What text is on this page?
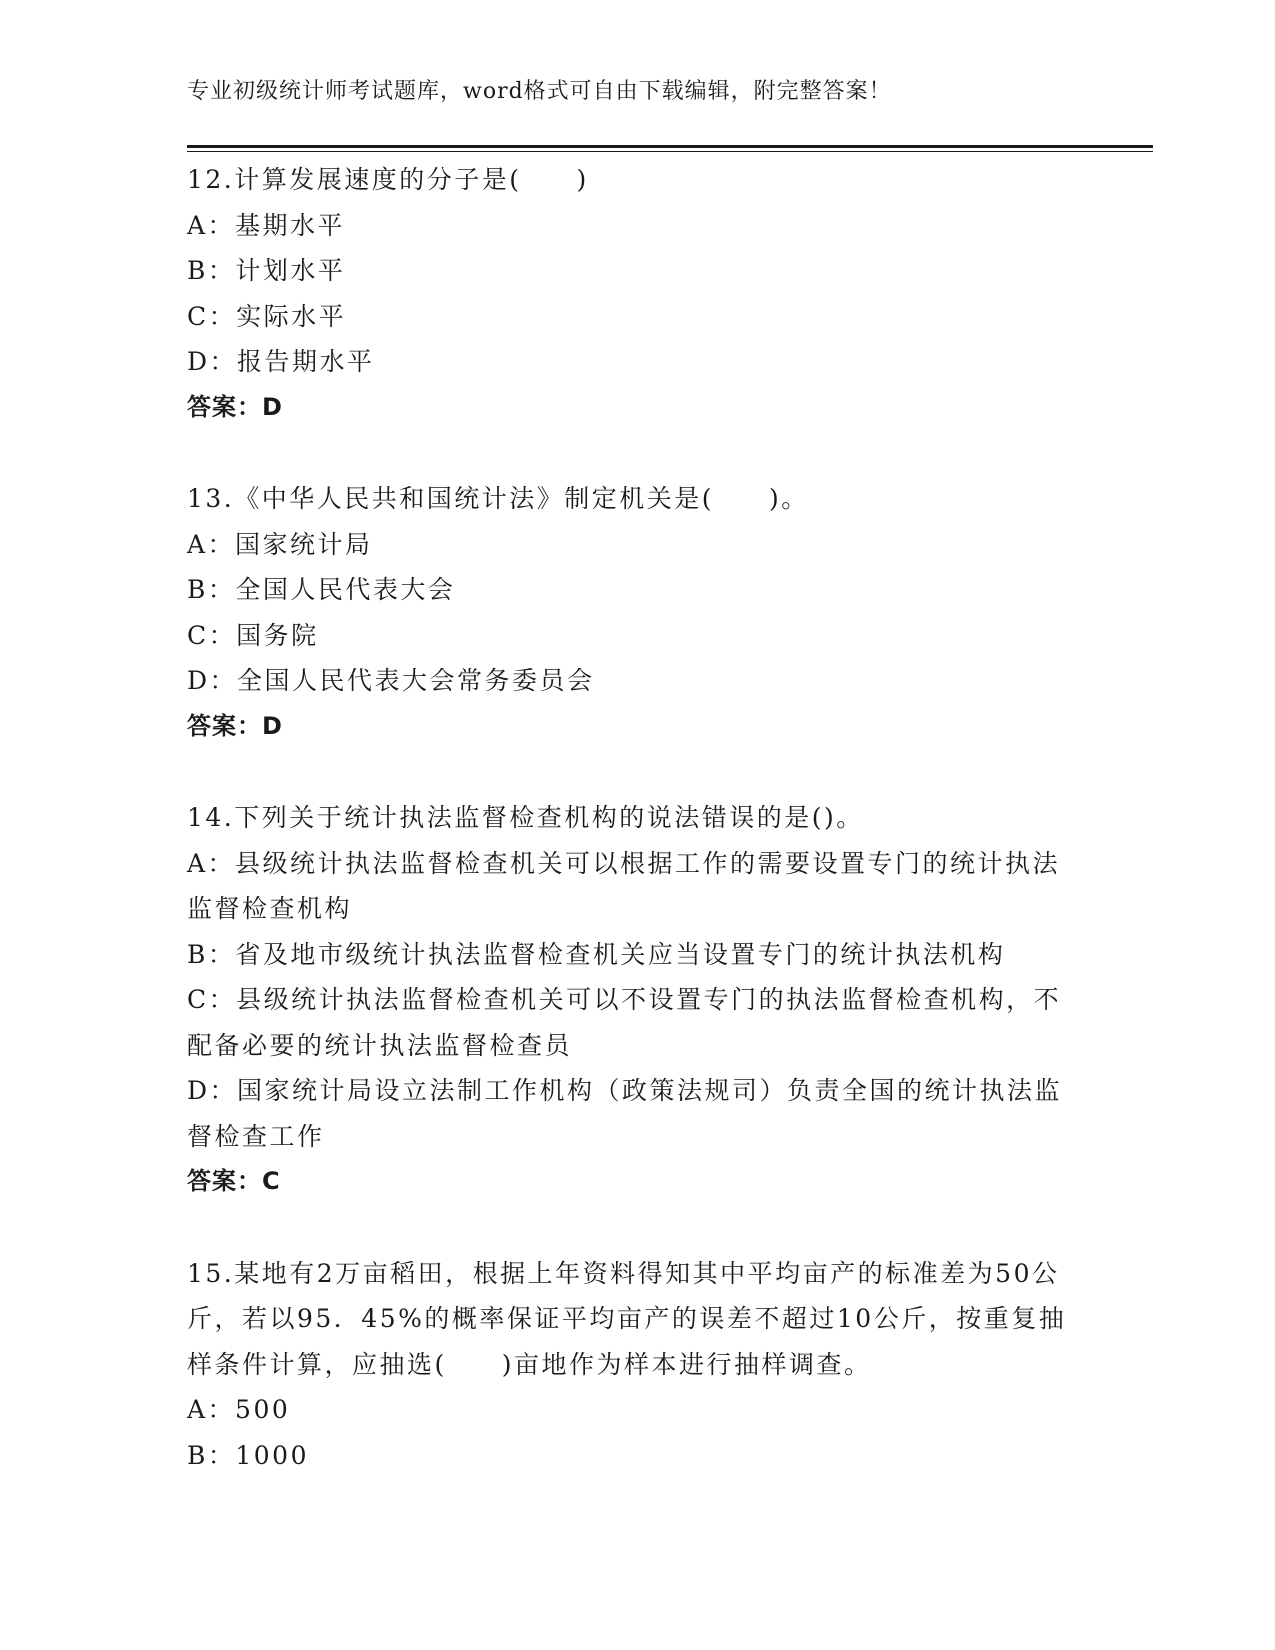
专业初级统计师考试题库，word格式可自由下载编辑，附完整答案！
12.计算发展速度的分子是(　　)
A：基期水平
B：计划水平
C：实际水平
D：报告期水平
答案：D
13.《中华人民共和国统计法》制定机关是(　　)。
A：国家统计局
B：全国人民代表大会
C：国务院
D：全国人民代表大会常务委员会
答案：D
14.下列关于统计执法监督检查机构的说法错误的是()。
A：县级统计执法监督检查机关可以根据工作的需要设置专门的统计执法监督检查机构
B：省及地市级统计执法监督检查机关应当设置专门的统计执法机构
C：县级统计执法监督检查机关可以不设置专门的执法监督检查机构，不配备必要的统计执法监督检查员
D：国家统计局设立法制工作机构（政策法规司）负责全国的统计执法监督检查工作
答案：C
15.某地有2万亩稻田，根据上年资料得知其中平均亩产的标准差为50公斤，若以95．45%的概率保证平均亩产的误差不超过10公斤，按重复抽样条件计算，应抽选(　　)亩地作为样本进行抽样调查。
A：500
B：1000
